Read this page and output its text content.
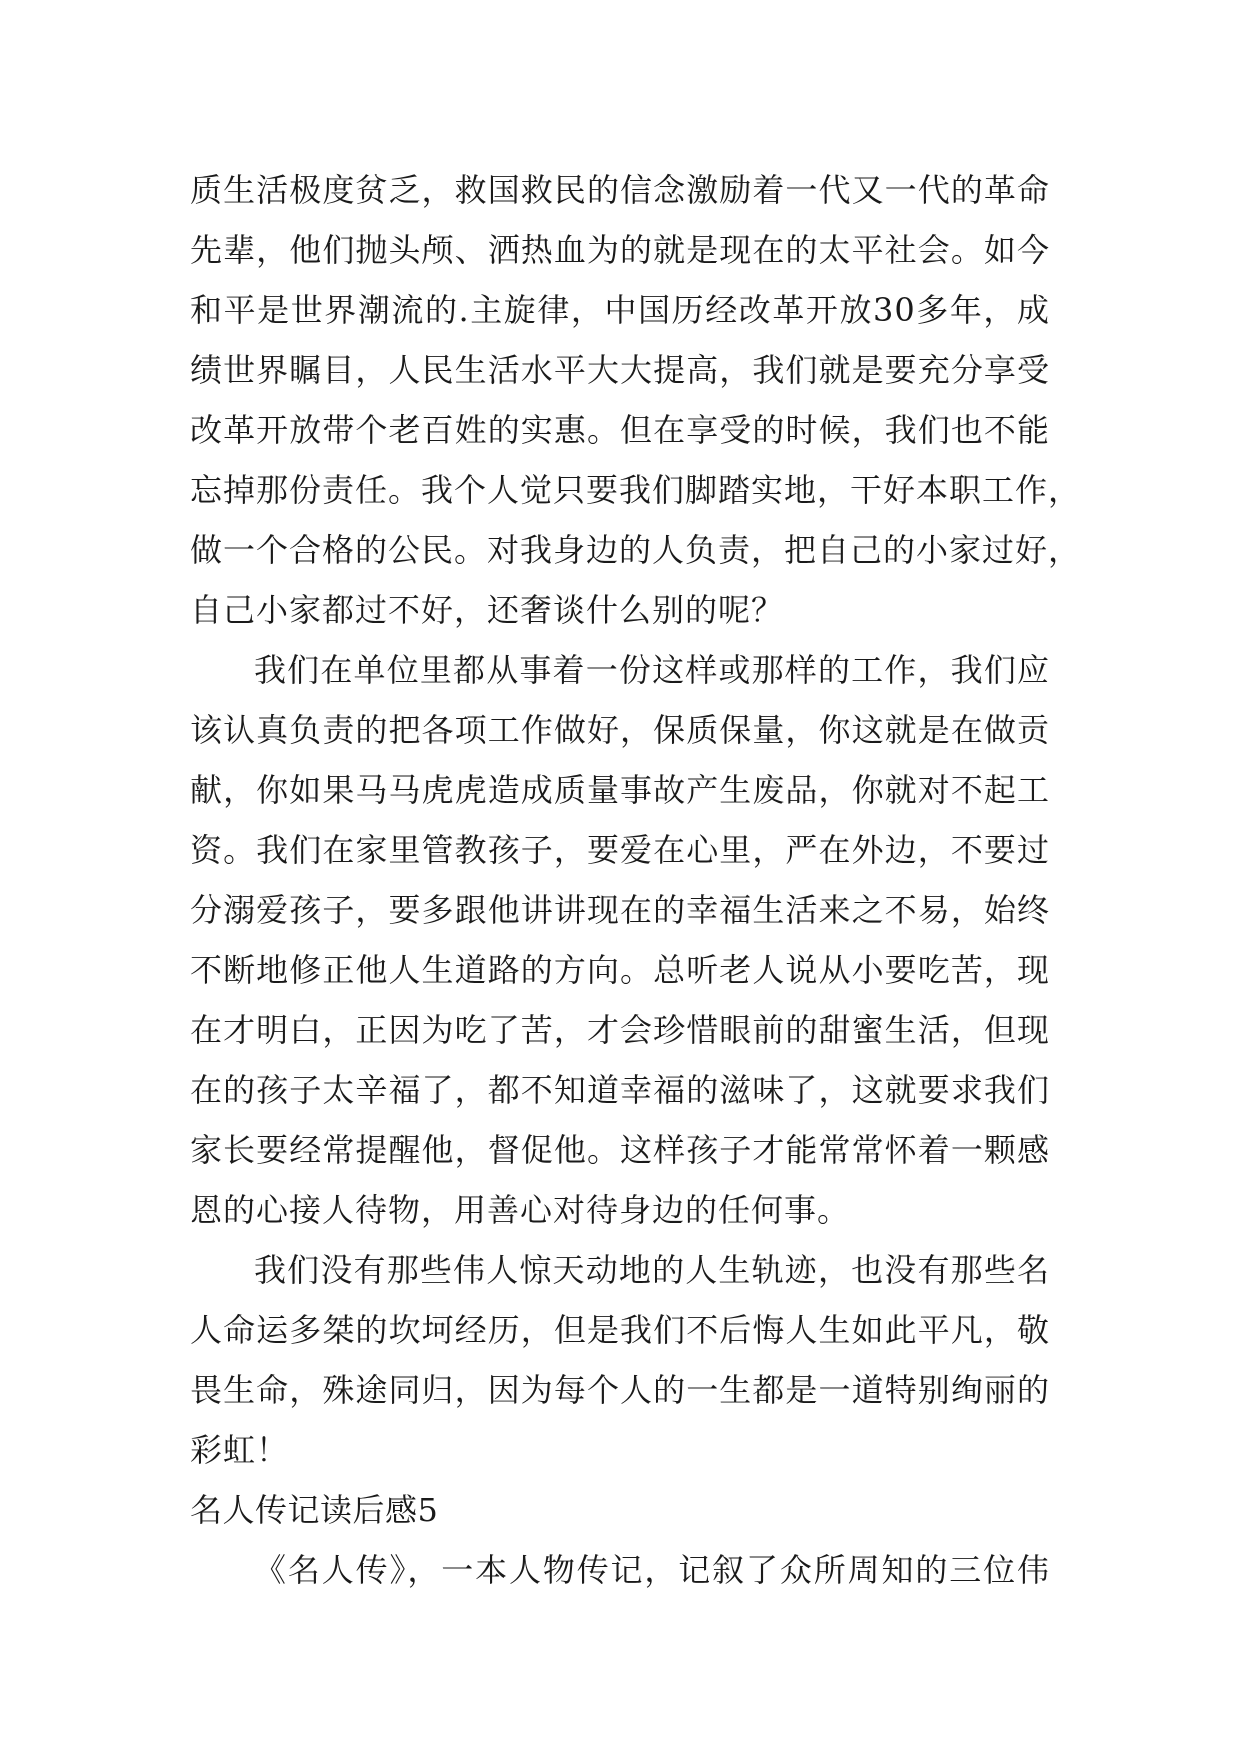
质生活极度贫乏，救国救民的信念激励着一代又一代的革命
先辈，他们抛头颅、洒热血为的就是现在的太平社会。如今
和平是世界潮流的.主旋律，中国历经改革开放30多年，成
绩世界瞩目，人民生活水平大大提高，我们就是要充分享受
改革开放带个老百姓的实惠。但在享受的时候，我们也不能
忘掉那份责任。我个人觉只要我们脚踏实地，干好本职工作，
做一个合格的公民。对我身边的人负责，把自己的小家过好，
自己小家都过不好，还奢谈什么别的呢？
我们在单位里都从事着一份这样或那样的工作，我们应
该认真负责的把各项工作做好，保质保量，你这就是在做贡
献，你如果马马虎虎造成质量事故产生废品，你就对不起工
资。我们在家里管教孩子，要爱在心里，严在外边，不要过
分溺爱孩子，要多跟他讲讲现在的幸福生活来之不易，始终
不断地修正他人生道路的方向。总听老人说从小要吃苦，现
在才明白，正因为吃了苦，才会珍惜眼前的甜蜜生活，但现
在的孩子太辛福了，都不知道幸福的滋味了，这就要求我们
家长要经常提醒他，督促他。这样孩子才能常常怀着一颗感
恩的心接人待物，用善心对待身边的任何事。
我们没有那些伟人惊天动地的人生轨迹，也没有那些名
人命运多桀的坎坷经历，但是我们不后悔人生如此平凡，敬
畏生命，殊途同归，因为每个人的一生都是一道特别绚丽的
彩虹！
名人传记读后感5
《名人传》，一本人物传记，记叙了众所周知的三位伟
